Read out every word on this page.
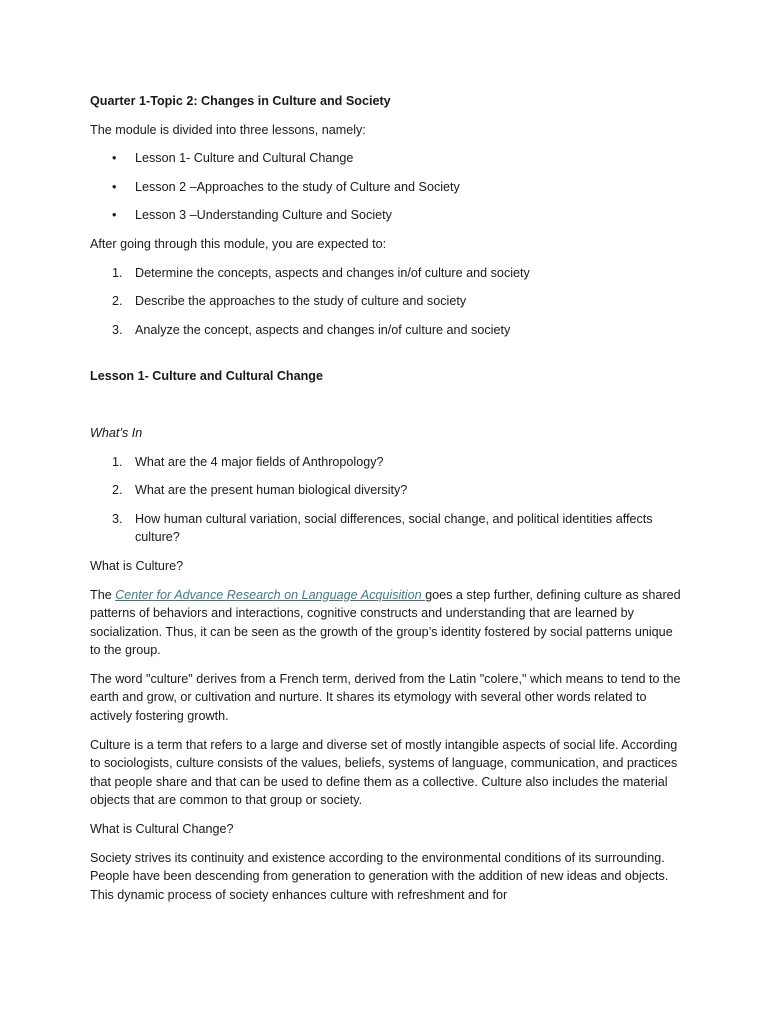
Quarter 1-Topic 2: Changes in Culture and Society
The module is divided into three lessons, namely:
• Lesson 1- Culture and Cultural Change
• Lesson 2 –Approaches to the study of Culture and Society
• Lesson 3 –Understanding Culture and Society
After going through this module, you are expected to:
1. Determine the concepts, aspects and changes in/of culture and society
2. Describe the approaches to the study of culture and society
3. Analyze the concept, aspects and changes in/of culture and society
Lesson 1- Culture and Cultural Change
What’s In
1. What are the 4 major fields of Anthropology?
2. What are the present human biological diversity?
3. How human cultural variation, social differences, social change, and political identities affects culture?
What is Culture?
The Center for Advance Research on Language Acquisition goes a step further, defining culture as shared patterns of behaviors and interactions, cognitive constructs and understanding that are learned by socialization. Thus, it can be seen as the growth of the group’s identity fostered by social patterns unique to the group.
The word "culture" derives from a French term, derived from the Latin "colere," which means to tend to the earth and grow, or cultivation and nurture. It shares its etymology with several other words related to actively fostering growth.
Culture is a term that refers to a large and diverse set of mostly intangible aspects of social life. According to sociologists, culture consists of the values, beliefs, systems of language, communication, and practices that people share and that can be used to define them as a collective. Culture also includes the material objects that are common to that group or society.
What is Cultural Change?
Society strives its continuity and existence according to the environmental conditions of its surrounding. People have been descending from generation to generation with the addition of new ideas and objects. This dynamic process of society enhances culture with refreshment and for
